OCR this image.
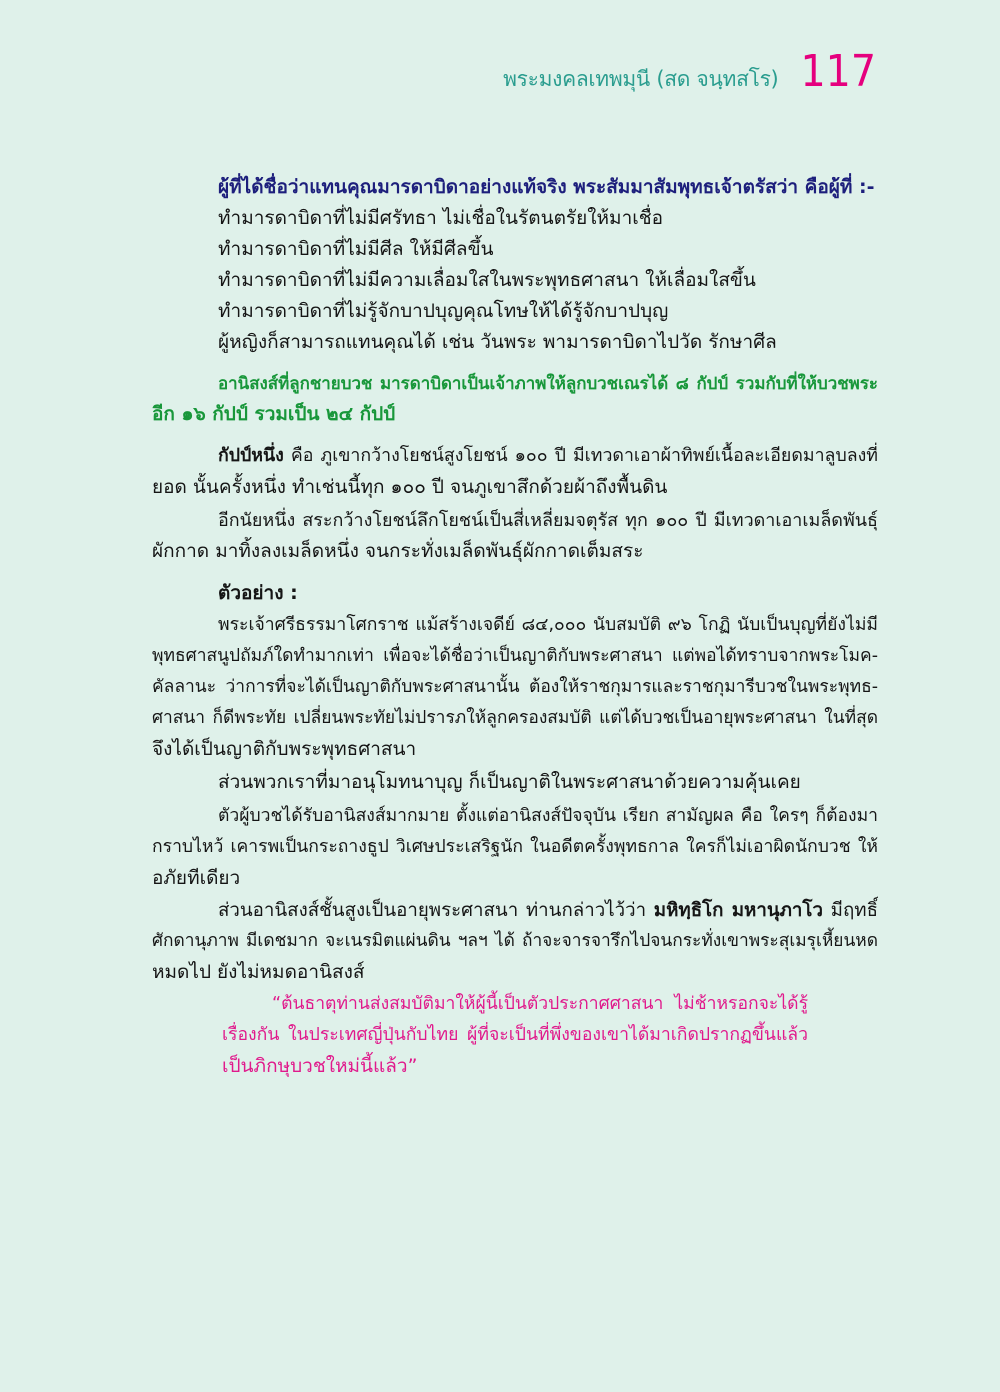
พระมงคลเทพมุนี (สด จนฺทสโร) 117
ผู้ที่ได้ชื่อว่าแทนคุณมารดาบิดาอย่างแท้จริง พระสัมมาสัมพุทธเจ้าตรัสว่า คือผู้ที่ :-
ทำมารดาบิดาที่ไม่มีศรัทธา ไม่เชื่อในรัตนตรัยให้มาเชื่อ
ทำมารดาบิดาที่ไม่มีศีล ให้มีศีลขึ้น
ทำมารดาบิดาที่ไม่มีความเลื่อมใสในพระพุทธศาสนา ให้เลื่อมใสขึ้น
ทำมารดาบิดาที่ไม่รู้จักบาปบุญคุณโทษให้ได้รู้จักบาปบุญ
ผู้หญิงก็สามารถแทนคุณได้ เช่น วันพระ พามารดาบิดาไปวัด รักษาศีล
อานิสงส์ที่ลูกชายบวช มารดาบิดาเป็นเจ้าภาพให้ลูกบวชเณรได้ ๘ กัปป์ รวมกับที่ให้บวชพระ
อีก ๑๖ กัปป์ รวมเป็น ๒๔ กัปป์
กัปป์หนึ่ง คือ ภูเขากว้างโยชน์สูงโยชน์ ๑๐๐ ปี มีเทวดาเอาผ้าทิพย์เนื้อละเอียดมาลูบลงที่
ยอด นั้นครั้งหนึ่ง ทำเช่นนี้ทุก ๑๐๐ ปี จนภูเขาสึกด้วยผ้าถึงพื้นดิน
อีกนัยหนึ่ง สระกว้างโยชน์ลึกโยชน์เป็นสี่เหลี่ยมจตุรัส ทุก ๑๐๐ ปี มีเทวดาเอาเมล็ดพันธุ์
ผักกาด มาทิ้งลงเมล็ดหนึ่ง จนกระทั่งเมล็ดพันธุ์ผักกาดเต็มสระ
ตัวอย่าง :
พระเจ้าศรีธรรมาโศกราช แม้สร้างเจดีย์ ๘๔,๐๐๐ นับสมบัติ ๙๖ โกฏิ นับเป็นบุญที่ยังไม่มี
พุทธศาสนูปถัมภ์ใดทำมากเท่า เพื่อจะได้ชื่อว่าเป็นญาติกับพระศาสนา แต่พอได้ทราบจากพระโมค-
คัลลานะ ว่าการที่จะได้เป็นญาติกับพระศาสนานั้น ต้องให้ราชกุมารและราชกุมารีบวชในพระพุทธ-
ศาสนา ก็ดีพระทัย เปลี่ยนพระทัยไม่ปรารภให้ลูกครองสมบัติ แต่ได้บวชเป็นอายุพระศาสนา ในที่สุด
จึงได้เป็นญาติกับพระพุทธศาสนา
ส่วนพวกเราที่มาอนุโมทนาบุญ ก็เป็นญาติในพระศาสนาด้วยความคุ้นเคย
ตัวผู้บวชได้รับอานิสงส์มากมาย ตั้งแต่อานิสงส์ปัจจุบัน เรียก สามัญผล คือ ใครๆ ก็ต้องมา
กราบไหว้ เคารพเป็นกระถางธูป วิเศษประเสริฐนัก ในอดีตครั้งพุทธกาล ใครก็ไม่เอาผิดนักบวช ให้
อภัยทีเดียว
ส่วนอานิสงส์ชั้นสูงเป็นอายุพระศาสนา ท่านกล่าวไว้ว่า มหิทฺธิโก มหานุภาโว มีฤทธิ์
ศักดานุภาพ มีเดชมาก จะเนรมิตแผ่นดิน ฯลฯ ได้ ถ้าจะจารจารึกไปจนกระทั่งเขาพระสุเมรุเหี้ยนหด
หมดไป ยังไม่หมดอานิสงส์
“ต้นธาตุท่านส่งสมบัติมาให้ผู้นี้เป็นตัวประกาศศาสนา ไม่ช้าหรอกจะได้รู้
เรื่องกัน ในประเทศญี่ปุ่นกับไทย ผู้ที่จะเป็นที่พึ่งของเขาได้มาเกิดปรากฏขึ้นแล้ว
เป็นภิกษุบวชใหม่นี้แล้ว”
